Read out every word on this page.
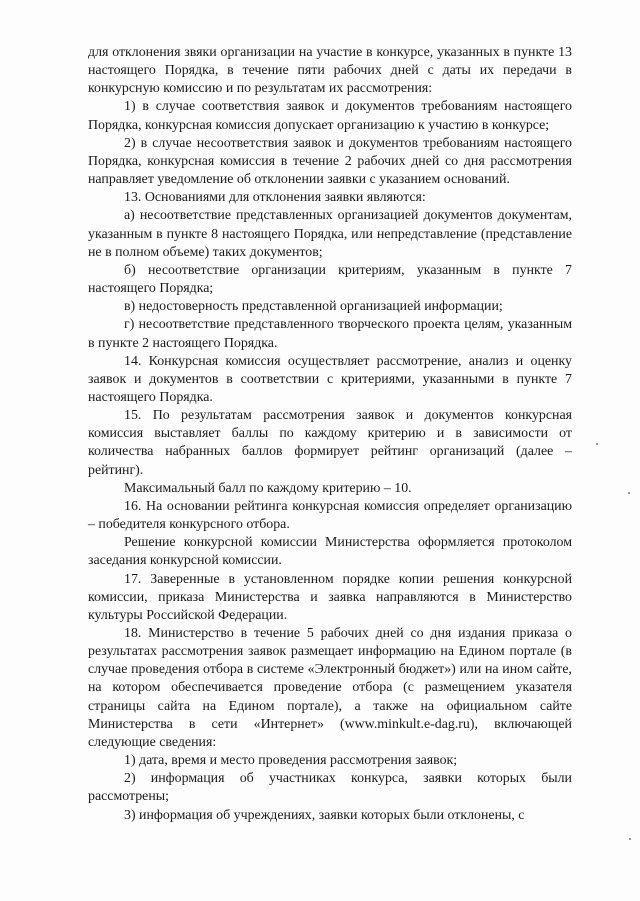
для отклонения звяки организации на участие в конкурсе, указанных в пункте 13 настоящего Порядка, в течение пяти рабочих дней с даты их передачи в конкурсную комиссию и по результатам их рассмотрения:

1) в случае соответствия заявок и документов требованиям настоящего Порядка, конкурсная комиссия допускает организацию к участию в конкурсе;

2) в случае несоответствия заявок и документов требованиям настоящего Порядка, конкурсная комиссия в течение 2 рабочих дней со дня рассмотрения направляет уведомление об отклонении заявки с указанием оснований.

13. Основаниями для отклонения заявки являются:

а) несоответствие представленных организацией документов документам, указанным в пункте 8 настоящего Порядка, или непредставление (представление не в полном объеме) таких документов;

б) несоответствие организации критериям, указанным в пункте 7 настоящего Порядка;

в) недостоверность представленной организацией информации;

г) несоответствие представленного творческого проекта целям, указанным в пункте 2 настоящего Порядка.

14. Конкурсная комиссия осуществляет рассмотрение, анализ и оценку заявок и документов в соответствии с критериями, указанными в пункте 7 настоящего Порядка.

15. По результатам рассмотрения заявок и документов конкурсная комиссия выставляет баллы по каждому критерию и в зависимости от количества набранных баллов формирует рейтинг организаций (далее – рейтинг).

Максимальный балл по каждому критерию – 10.

16. На основании рейтинга конкурсная комиссия определяет организацию – победителя конкурсного отбора.

Решение конкурсной комиссии Министерства оформляется протоколом заседания конкурсной комиссии.

17. Заверенные в установленном порядке копии решения конкурсной комиссии, приказа Министерства и заявка направляются в Министерство культуры Российской Федерации.

18. Министерство в течение 5 рабочих дней со дня издания приказа о результатах рассмотрения заявок размещает информацию на Едином портале (в случае проведения отбора в системе «Электронный бюджет») или на ином сайте, на котором обеспечивается проведение отбора (с размещением указателя страницы сайта на Едином портале), а также на официальном сайте Министерства в сети «Интернет» (www.minkult.e-dag.ru), включающей следующие сведения:

1) дата, время и место проведения рассмотрения заявок;

2) информация об участниках конкурса, заявки которых были рассмотрены;

3) информация об учреждениях, заявки которых были отклонены, с
